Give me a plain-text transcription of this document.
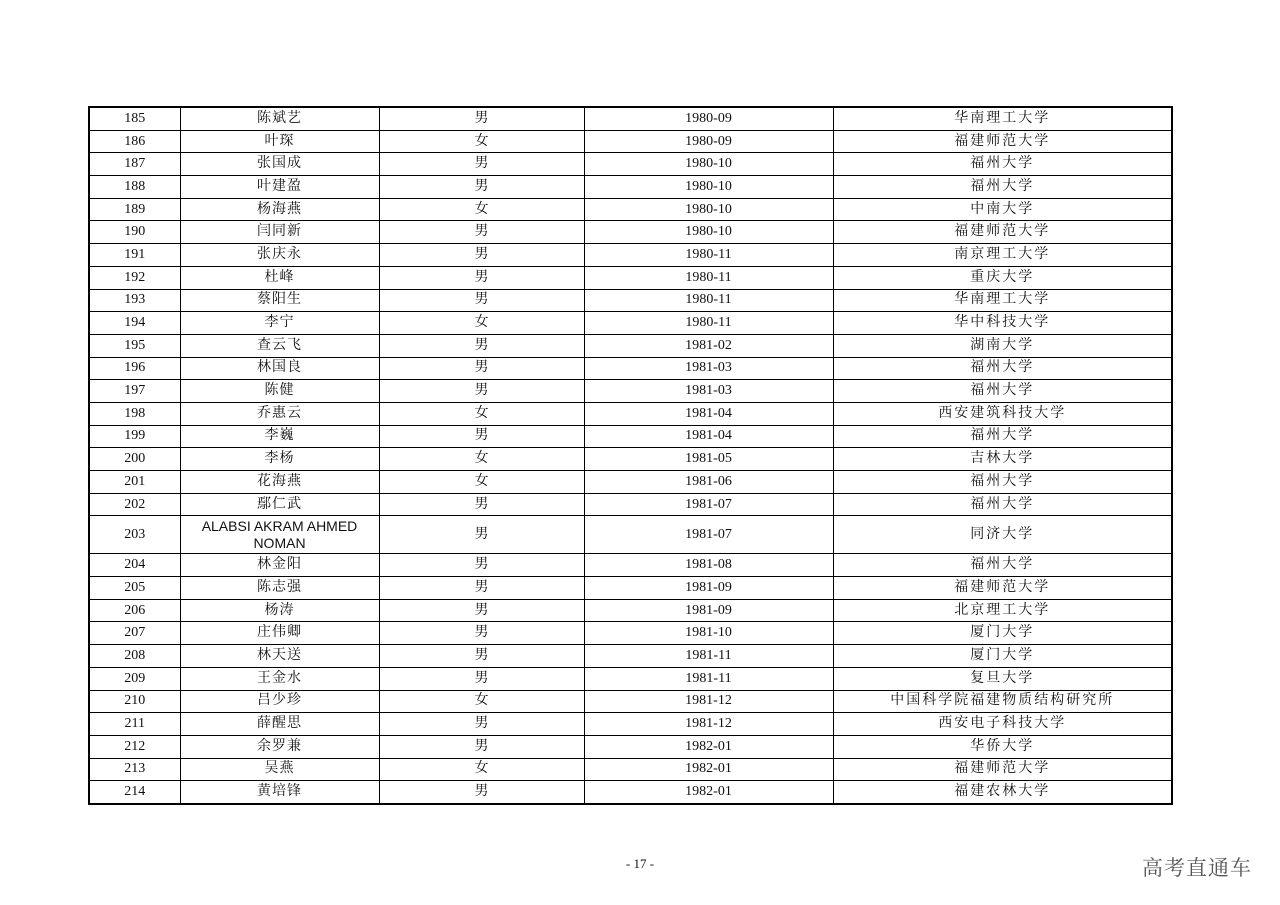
185	陈斌艺	男	1980-09	华南理工大学
186	叶琛	女	1980-09	福建师范大学
187	张国成	男	1980-10	福州大学
188	叶建盈	男	1980-10	福州大学
189	杨海燕	女	1980-10	中南大学
190	闫同新	男	1980-10	福建师范大学
191	张庆永	男	1980-11	南京理工大学
192	杜峰	男	1980-11	重庆大学
193	蔡阳生	男	1980-11	华南理工大学
194	李宁	女	1980-11	华中科技大学
195	查云飞	男	1981-02	湖南大学
196	林国良	男	1981-03	福州大学
197	陈健	男	1981-03	福州大学
198	乔惠云	女	1981-04	西安建筑科技大学
199	李巍	男	1981-04	福州大学
200	李杨	女	1981-05	吉林大学
201	花海燕	女	1981-06	福州大学
202	鄢仁武	男	1981-07	福州大学
203	ALABSI AKRAM AHMED NOMAN	男	1981-07	同济大学
204	林金阳	男	1981-08	福州大学
205	陈志强	男	1981-09	福建师范大学
206	杨涛	男	1981-09	北京理工大学
207	庄伟卿	男	1981-10	厦门大学
208	林天送	男	1981-11	厦门大学
209	王金水	男	1981-11	复旦大学
210	吕少珍	女	1981-12	中国科学院福建物质结构研究所
211	薛醒思	男	1981-12	西安电子科技大学
212	余罗兼	男	1982-01	华侨大学
213	吴燕	女	1982-01	福建师范大学
214	黄培锋	男	1982-01	福建农林大学
- 17 -	高考直通车
